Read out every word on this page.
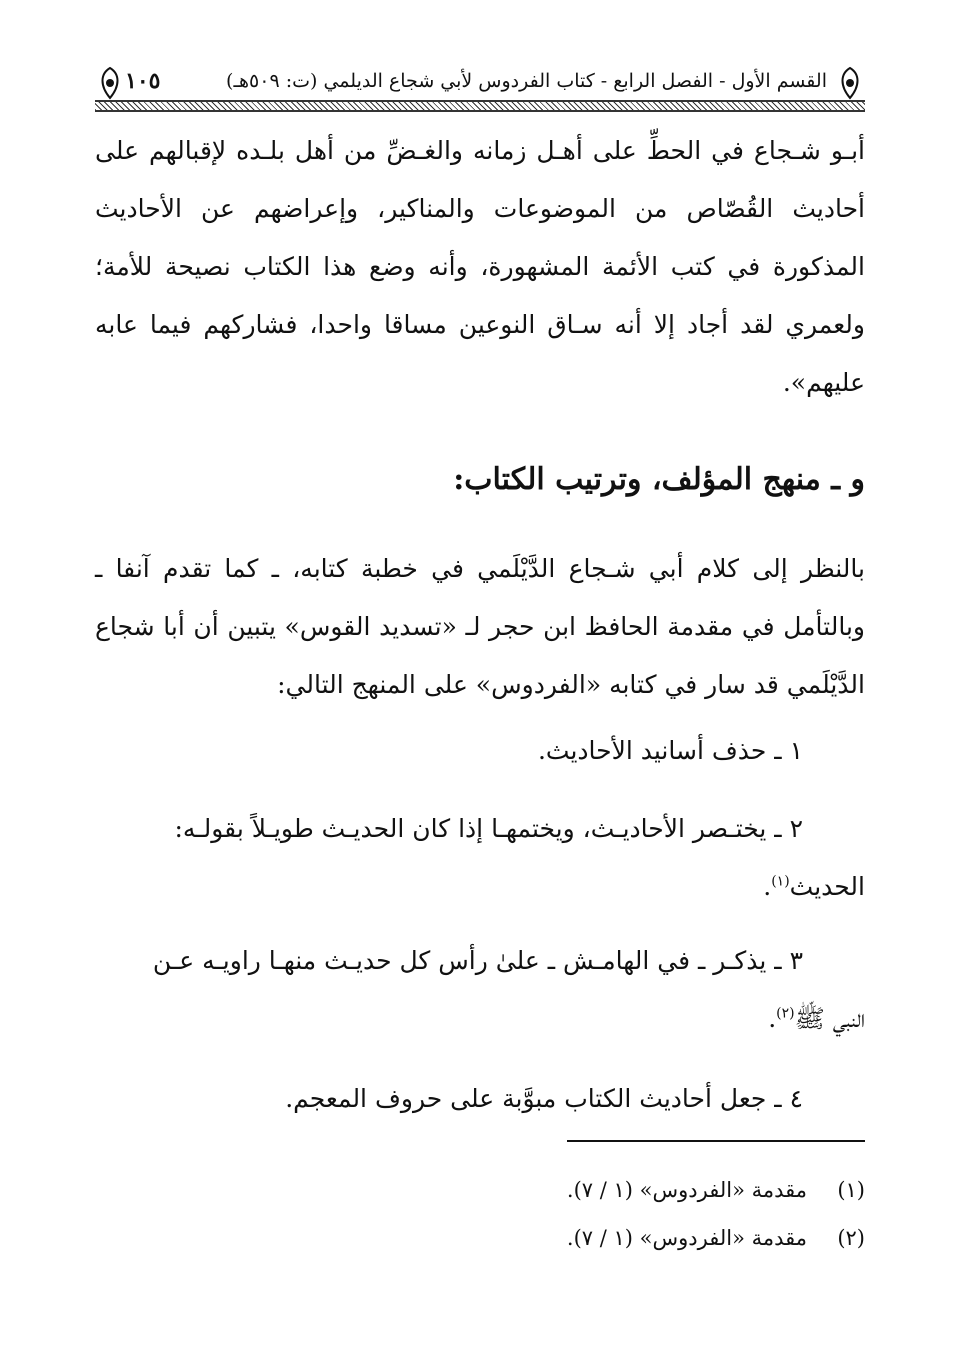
القسم الأول - الفصل الرابع - كتاب الفردوس لأبي شجاع الديلمي (ت: ٥٠٩هـ)
١٠٥

أبـو شـجاع في الحطِّ على أهـل زمانه والغـضِّ من أهل بلـده لإقبالهم على أحاديث القُصّاص من الموضوعات والمناكير، وإعراضهم عن الأحاديث المذكورة في كتب الأئمة المشهورة، وأنه وضع هذا الكتاب نصيحة للأمة؛ ولعمري لقد أجاد إلا أنه سـاق النوعين مساقا واحدا، فشاركهم فيما عابه عليهم».

و ـ منهج المؤلف، وترتيب الكتاب:

بالنظر إلى كلام أبي شـجاع الدَّيْلَمي في خطبة كتابه، ـ كما تقدم آنفا ـ وبالتأمل في مقدمة الحافظ ابن حجر لـ «تسديد القوس» يتبين أن أبا شجاع الدَّيْلَمي قد سار في كتابه «الفردوس» على المنهج التالي:

١ ـ حذف أسانيد الأحاديث.
٢ ـ يختـصر الأحاديـث، ويختمهـا إذا كان الحديـث طويـلاً بقولـه:
الحديث$^{(١)}$.
٣ ـ يذكـر ـ في الهامـش ـ علىٰ رأس كل حديـث منهـا راويـه عـن
النبي ﷺ$^{(٢)}$.
٤ ـ جعل أحاديث الكتاب مبوَّبة على حروف المعجم.
(١)مقدمة «الفردوس» (١ / ٧).
(٢)مقدمة «الفردوس» (١ / ٧).
